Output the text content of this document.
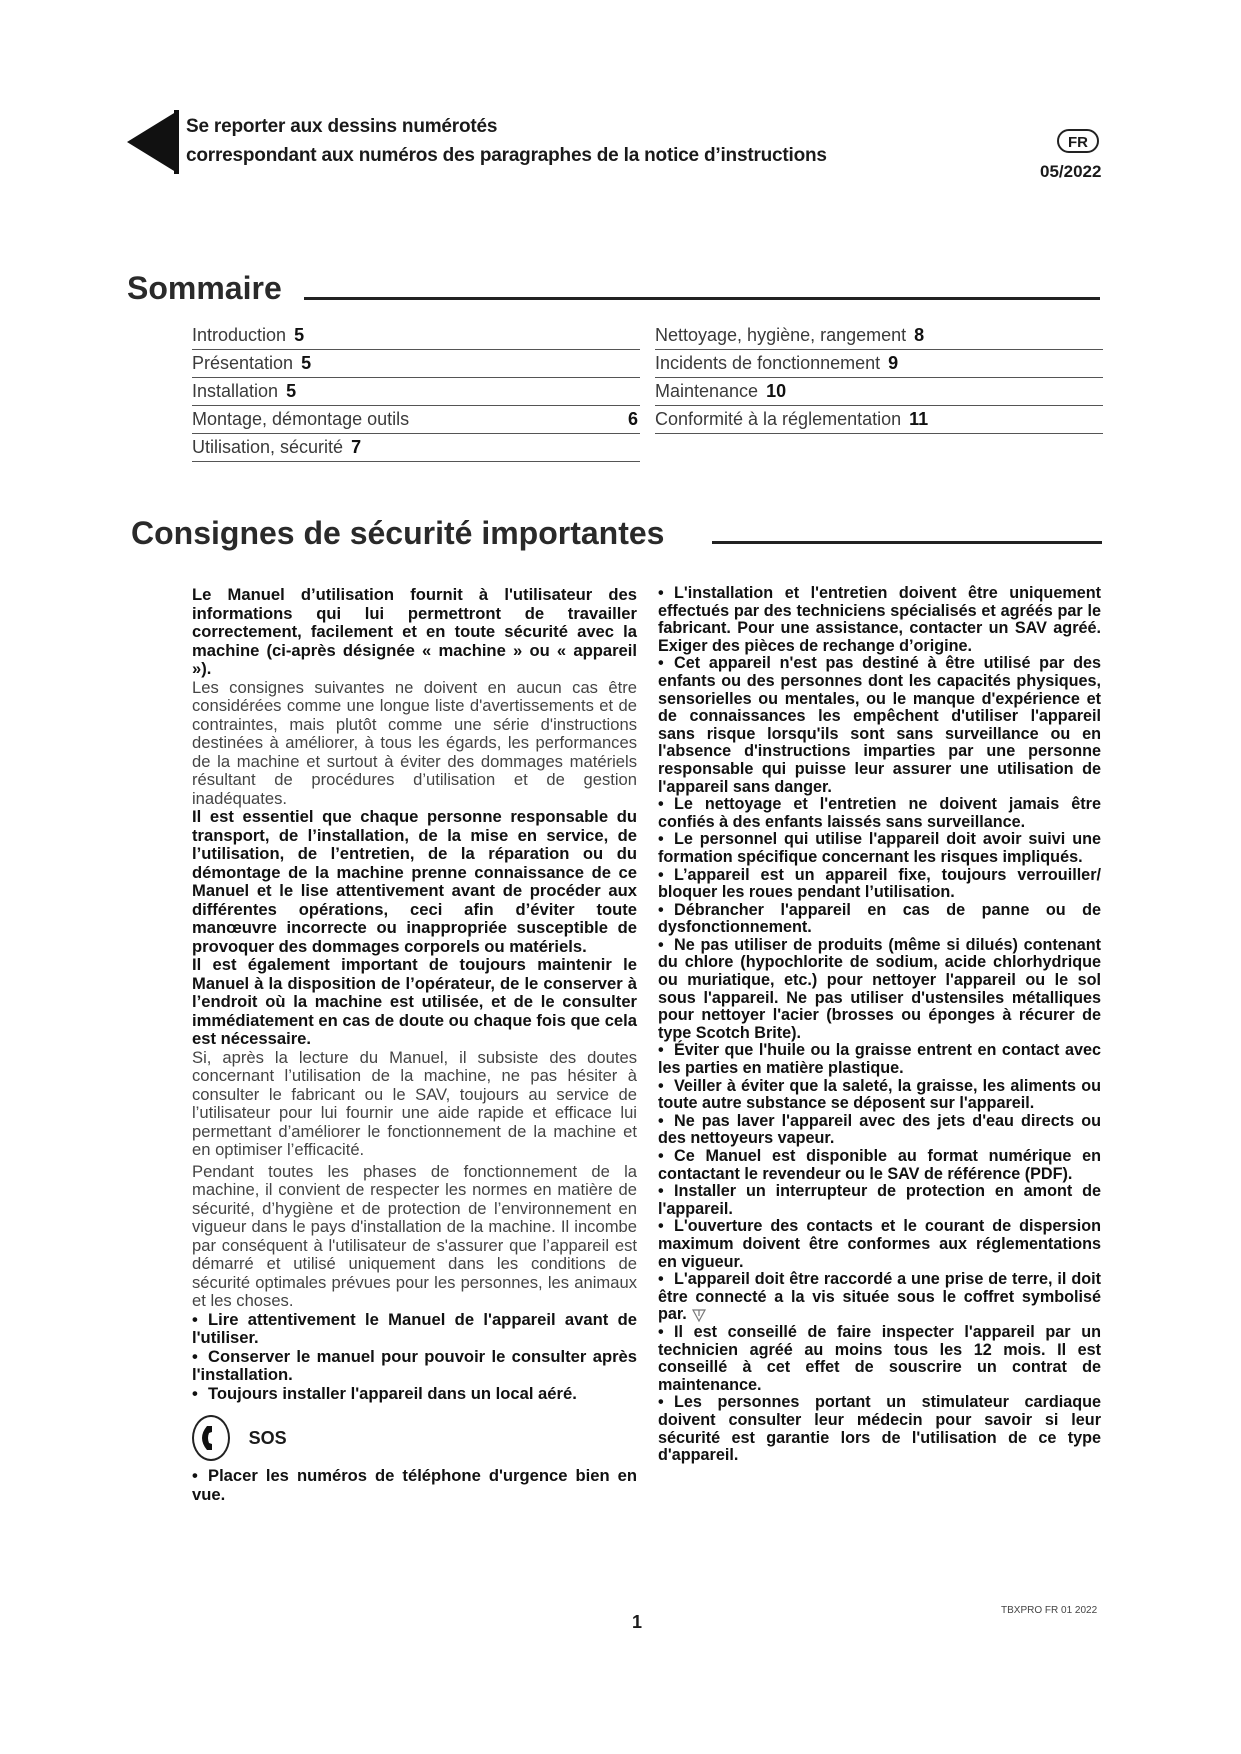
Se reporter aux dessins numérotés
correspondant aux numéros des paragraphes de la notice d’instructions
FR
05/2022
Sommaire
Introduction 5
Présentation 5
Installation 5
Montage, démontage outils	6
Utilisation, sécurité 7
Nettoyage, hygiène, rangement 8
Incidents de fonctionnement 9
Maintenance 10
Conformité à la réglementation 11
Consignes de sécurité importantes

Le Manuel d’utilisation fournit à l'utilisateur des informations qui lui permettront de travailler correctement, facilement et en toute sécurité avec la machine (ci-après désignée « machine » ou « appareil »).

Les consignes suivantes ne doivent en aucun cas être considérées comme une longue liste d'avertissements et de contraintes, mais plutôt comme une série d'instructions destinées à améliorer, à tous les égards, les performances de la machine et surtout à éviter des dommages matériels résultant de procédures d’utilisation et de gestion inadéquates.

Il est essentiel que chaque personne responsable du transport, de l’installation, de la mise en service, de l’utilisation, de l’entretien, de la réparation ou du démontage de la machine prenne connaissance de ce Manuel et le lise attentivement avant de procéder aux différentes opérations, ceci afin d’éviter toute manœuvre incorrecte ou inappropriée susceptible de provoquer des dommages corporels ou matériels.

Il est également important de toujours maintenir le Manuel à la disposition de l’opérateur, de le conserver à l’endroit où la machine est utilisée, et de le consulter immédiatement en cas de doute ou chaque fois que cela est nécessaire.

Si, après la lecture du Manuel, il subsiste des doutes concernant l’utilisation de la machine, ne pas hésiter à consulter le fabricant ou le SAV, toujours au service de l’utilisateur pour lui fournir une aide rapide et efficace lui permettant d’améliorer le fonctionnement de la machine et en optimiser l’efficacité.

Pendant toutes les phases de fonctionnement de la machine, il convient de respecter les normes en matière de sécurité, d’hygiène et de protection de l’environnement en vigueur dans le pays d'installation de la machine. Il incombe par conséquent à l'utilisateur de s'assurer que l’appareil est démarré et utilisé uniquement dans les conditions de sécurité optimales prévues pour les personnes, les animaux et les choses.

• Lire attentivement le Manuel de l'appareil avant de l'utiliser.

• Conserver le manuel pour pouvoir le consulter après l'installation.

• Toujours installer l'appareil dans un local aéré.

SOS

• Placer les numéros de téléphone d'urgence bien en vue.

• L'installation et l'entretien doivent être uniquement effectués par des techniciens spécialisés et agréés par le fabricant. Pour une assistance, contacter un SAV agréé. Exiger des pièces de rechange d’origine.

• Cet appareil n'est pas destiné à être utilisé par des enfants ou des personnes dont les capacités physiques, sensorielles ou mentales, ou le manque d'expérience et de connaissances les empêchent d'utiliser l'appareil sans risque lorsqu'ils sont sans surveillance ou en l'absence d'instructions imparties par une personne responsable qui puisse leur assurer une utilisation de l'appareil sans danger.

• Le nettoyage et l'entretien ne doivent jamais être confiés à des enfants laissés sans surveillance.

• Le personnel qui utilise l'appareil doit avoir suivi une formation spécifique concernant les risques impliqués.

• L’appareil est un appareil fixe, toujours verrouiller/ bloquer les roues pendant l’utilisation.

• Débrancher l'appareil en cas de panne ou de dysfonctionnement.

• Ne pas utiliser de produits (même si dilués) contenant du chlore (hypochlorite de sodium, acide chlorhydrique ou muriatique, etc.) pour nettoyer l'appareil ou le sol sous l'appareil. Ne pas utiliser d'ustensiles métalliques pour nettoyer l'acier (brosses ou éponges à récurer de type Scotch Brite).

• Éviter que l'huile ou la graisse entrent en contact avec les parties en matière plastique.

• Veiller à éviter que la saleté, la graisse, les aliments ou toute autre substance se déposent sur l'appareil.

• Ne pas laver l'appareil avec des jets d'eau directs ou des nettoyeurs vapeur.

• Ce Manuel est disponible au format numérique en contactant le revendeur ou le SAV de référence (PDF).

• Installer un interrupteur de protection en amont de l'appareil.

• L'ouverture des contacts et le courant de dispersion maximum doivent être conformes aux réglementations en vigueur.

• L'appareil doit être raccordé a une prise de terre, il doit être connecté a la vis située sous le coffret symbolisé par.

• Il est conseillé de faire inspecter l'appareil par un technicien agréé au moins tous les 12 mois. Il est conseillé à cet effet de souscrire un contrat de maintenance.

• Les personnes portant un stimulateur cardiaque doivent consulter leur médecin pour savoir si leur sécurité est garantie lors de l'utilisation de ce type d'appareil.

1
TBXPRO FR 01 2022
